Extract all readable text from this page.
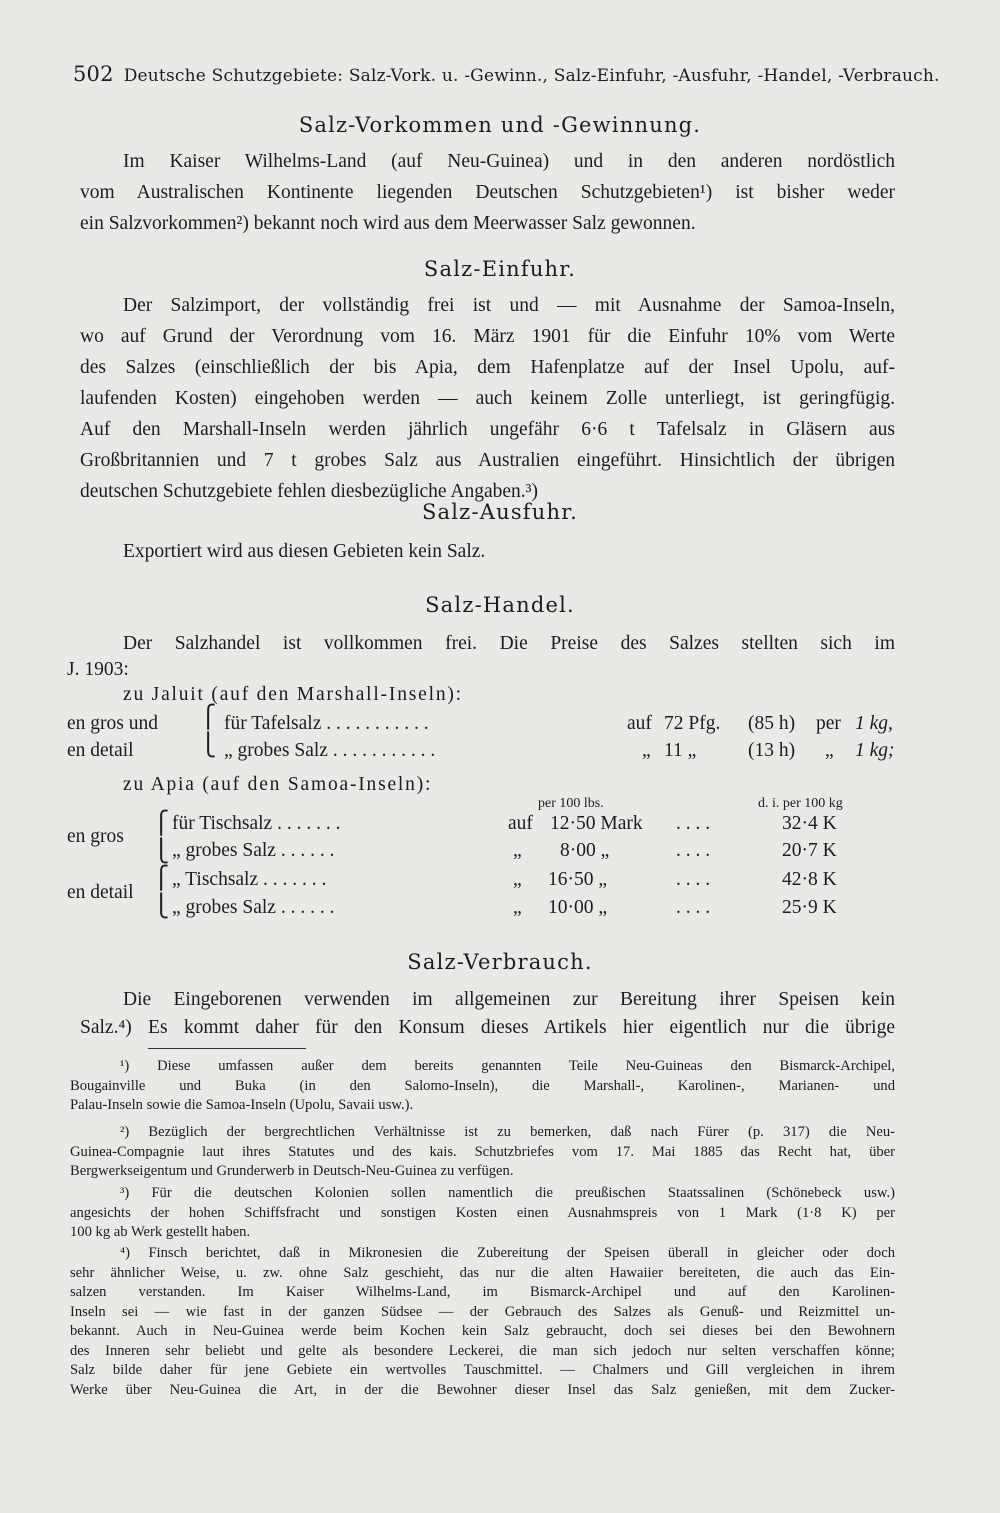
502 Deutsche Schutzgebiete: Salz-Vork. u. -Gewinn., Salz-Einfuhr, -Ausfuhr, -Handel, -Verbrauch.
Salz-Vorkommen und -Gewinnung.
Im Kaiser Wilhelms-Land (auf Neu-Guinea) und in den anderen nordöstlich
vom Australischen Kontinente liegenden Deutschen Schutzgebieten¹) ist bisher weder
ein Salzvorkommen²) bekannt noch wird aus dem Meerwasser Salz gewonnen.
Salz-Einfuhr.
Der Salzimport, der vollständig frei ist und — mit Ausnahme der Samoa-Inseln,
wo auf Grund der Verordnung vom 16. März 1901 für die Einfuhr 10% vom Werte
des Salzes (einschließlich der bis Apia, dem Hafenplatze auf der Insel Upolu, auf-
laufenden Kosten) eingehoben werden — auch keinem Zolle unterliegt, ist geringfügig.
Auf den Marshall-Inseln werden jährlich ungefähr 6·6 t Tafelsalz in Gläsern aus
Großbritannien und 7 t grobes Salz aus Australien eingeführt. Hinsichtlich der übrigen
deutschen Schutzgebiete fehlen diesbezügliche Angaben.³)
Salz-Ausfuhr.
Exportiert wird aus diesen Gebieten kein Salz.
Salz-Handel.
Der Salzhandel ist vollkommen frei. Die Preise des Salzes stellten sich im
J. 1903:
zu Jaluit (auf den Marshall-Inseln):
en gros und
en detail
⎧
⎩
für Tafelsalz . . . . . . . . . . .	auf 72 Pfg. (85 h) per 1 kg,
„ grobes Salz . . . . . . . . . . .	„ 11 „	(13 h) „ 1 kg;
zu Apia (auf den Samoa-Inseln):
per 100 lbs.	d. i. per 100 kg
en gros
⎧
⎩
für Tischsalz . . . . . . .	auf 12·50 Mark . . . .	32·4 K
„ grobes Salz . . . . . .	„ 8·00 „	. . . .	20·7 K
en detail
⎧
⎩
„ Tischsalz . . . . . . .	„ 16·50 „	. . . .	42·8 K
„ grobes Salz . . . . . .	„ 10·00 „	. . . .	25·9 K
Salz-Verbrauch.
Die Eingeborenen verwenden im allgemeinen zur Bereitung ihrer Speisen kein
Salz.⁴) Es kommt daher für den Konsum dieses Artikels hier eigentlich nur die übrige
¹) Diese umfassen außer dem bereits genannten Teile Neu-Guineas den Bismarck-Archipel,
Bougainville und Buka (in den Salomo-Inseln), die Marshall-, Karolinen-, Marianen- und
Palau-Inseln sowie die Samoa-Inseln (Upolu, Savaii usw.).
²) Bezüglich der bergrechtlichen Verhältnisse ist zu bemerken, daß nach Fürer (p. 317) die Neu-
Guinea-Compagnie laut ihres Statutes und des kais. Schutzbriefes vom 17. Mai 1885 das Recht hat, über
Bergwerkseigentum und Grunderwerb in Deutsch-Neu-Guinea zu verfügen.
³) Für die deutschen Kolonien sollen namentlich die preußischen Staatssalinen (Schönebeck usw.)
angesichts der hohen Schiffsfracht und sonstigen Kosten einen Ausnahmspreis von 1 Mark (1·8 K) per
100 kg ab Werk gestellt haben.
⁴) Finsch berichtet, daß in Mikronesien die Zubereitung der Speisen überall in gleicher oder doch
sehr ähnlicher Weise, u. zw. ohne Salz geschieht, das nur die alten Hawaiier bereiteten, die auch das Ein-
salzen verstanden. Im Kaiser Wilhelms-Land, im Bismarck-Archipel und auf den Karolinen-
Inseln sei — wie fast in der ganzen Südsee — der Gebrauch des Salzes als Genuß- und Reizmittel un-
bekannt. Auch in Neu-Guinea werde beim Kochen kein Salz gebraucht, doch sei dieses bei den Bewohnern
des Inneren sehr beliebt und gelte als besondere Leckerei, die man sich jedoch nur selten verschaffen könne;
Salz bilde daher für jene Gebiete ein wertvolles Tauschmittel. — Chalmers und Gill vergleichen in ihrem
Werke über Neu-Guinea die Art, in der die Bewohner dieser Insel das Salz genießen, mit dem Zucker-
